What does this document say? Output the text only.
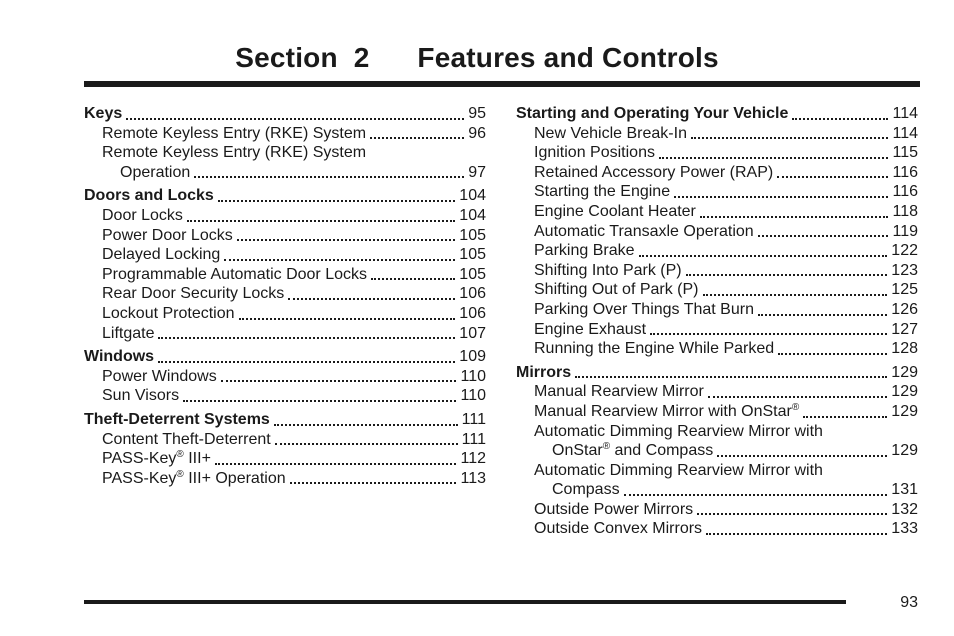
Section  2      Features and Controls
Keys	95
Remote Keyless Entry (RKE) System	96
Remote Keyless Entry (RKE) System
Operation	97
Doors and Locks	104
Door Locks	104
Power Door Locks	105
Delayed Locking	105
Programmable Automatic Door Locks	105
Rear Door Security Locks	106
Lockout Protection	106
Liftgate	107
Windows	109
Power Windows	110
Sun Visors	110
Theft-Deterrent Systems	111
Content Theft-Deterrent	111
PASS-Key® III+	112
PASS-Key® III+ Operation	113
Starting and Operating Your Vehicle	114
New Vehicle Break-In	114
Ignition Positions	115
Retained Accessory Power (RAP)	116
Starting the Engine	116
Engine Coolant Heater	118
Automatic Transaxle Operation	119
Parking Brake	122
Shifting Into Park (P)	123
Shifting Out of Park (P)	125
Parking Over Things That Burn	126
Engine Exhaust	127
Running the Engine While Parked	128
Mirrors	129
Manual Rearview Mirror	129
Manual Rearview Mirror with OnStar®	129
Automatic Dimming Rearview Mirror with
OnStar® and Compass	129
Automatic Dimming Rearview Mirror with
Compass	131
Outside Power Mirrors	132
Outside Convex Mirrors	133
93
